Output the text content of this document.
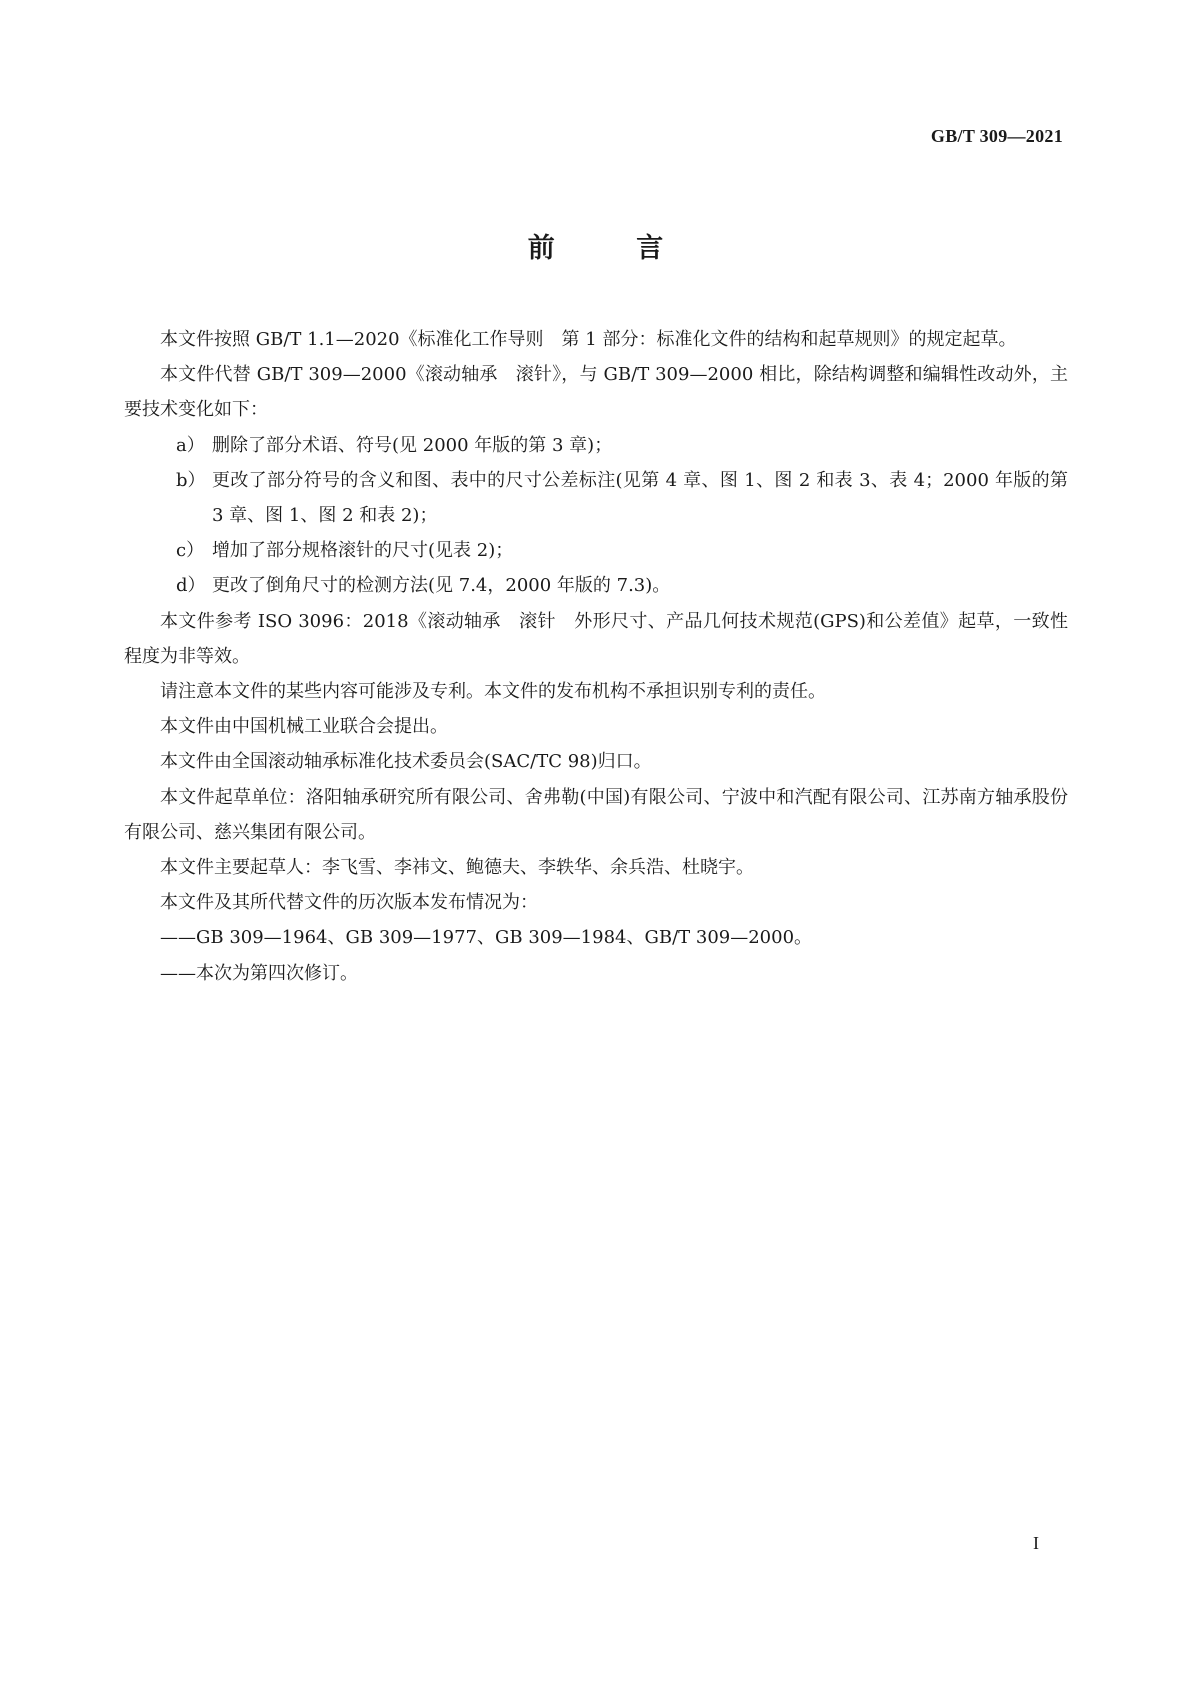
GB/T 309—2021
前 言

本文件按照 GB/T 1.1—2020《标准化工作导则　第 1 部分：标准化文件的结构和起草规则》的规定起草。

本文件代替 GB/T 309—2000《滚动轴承　滚针》，与 GB/T 309—2000 相比，除结构调整和编辑性改动外，主要技术变化如下：

a） 删除了部分术语、符号(见 2000 年版的第 3 章)；

b） 更改了部分符号的含义和图、表中的尺寸公差标注(见第 4 章、图 1、图 2 和表 3、表 4；2000 年版的第 3 章、图 1、图 2 和表 2)；

c） 增加了部分规格滚针的尺寸(见表 2)；

d） 更改了倒角尺寸的检测方法(见 7.4，2000 年版的 7.3)。

本文件参考 ISO 3096：2018《滚动轴承　滚针　外形尺寸、产品几何技术规范(GPS)和公差值》起草，一致性程度为非等效。

请注意本文件的某些内容可能涉及专利。本文件的发布机构不承担识别专利的责任。

本文件由中国机械工业联合会提出。

本文件由全国滚动轴承标准化技术委员会(SAC/TC 98)归口。

本文件起草单位：洛阳轴承研究所有限公司、舍弗勒(中国)有限公司、宁波中和汽配有限公司、江苏南方轴承股份有限公司、慈兴集团有限公司。

本文件主要起草人：李飞雪、李祎文、鲍德夫、李轶华、余兵浩、杜晓宇。

本文件及其所代替文件的历次版本发布情况为：

——GB 309—1964、GB 309—1977、GB 309—1984、GB/T 309—2000。

——本次为第四次修订。

I
